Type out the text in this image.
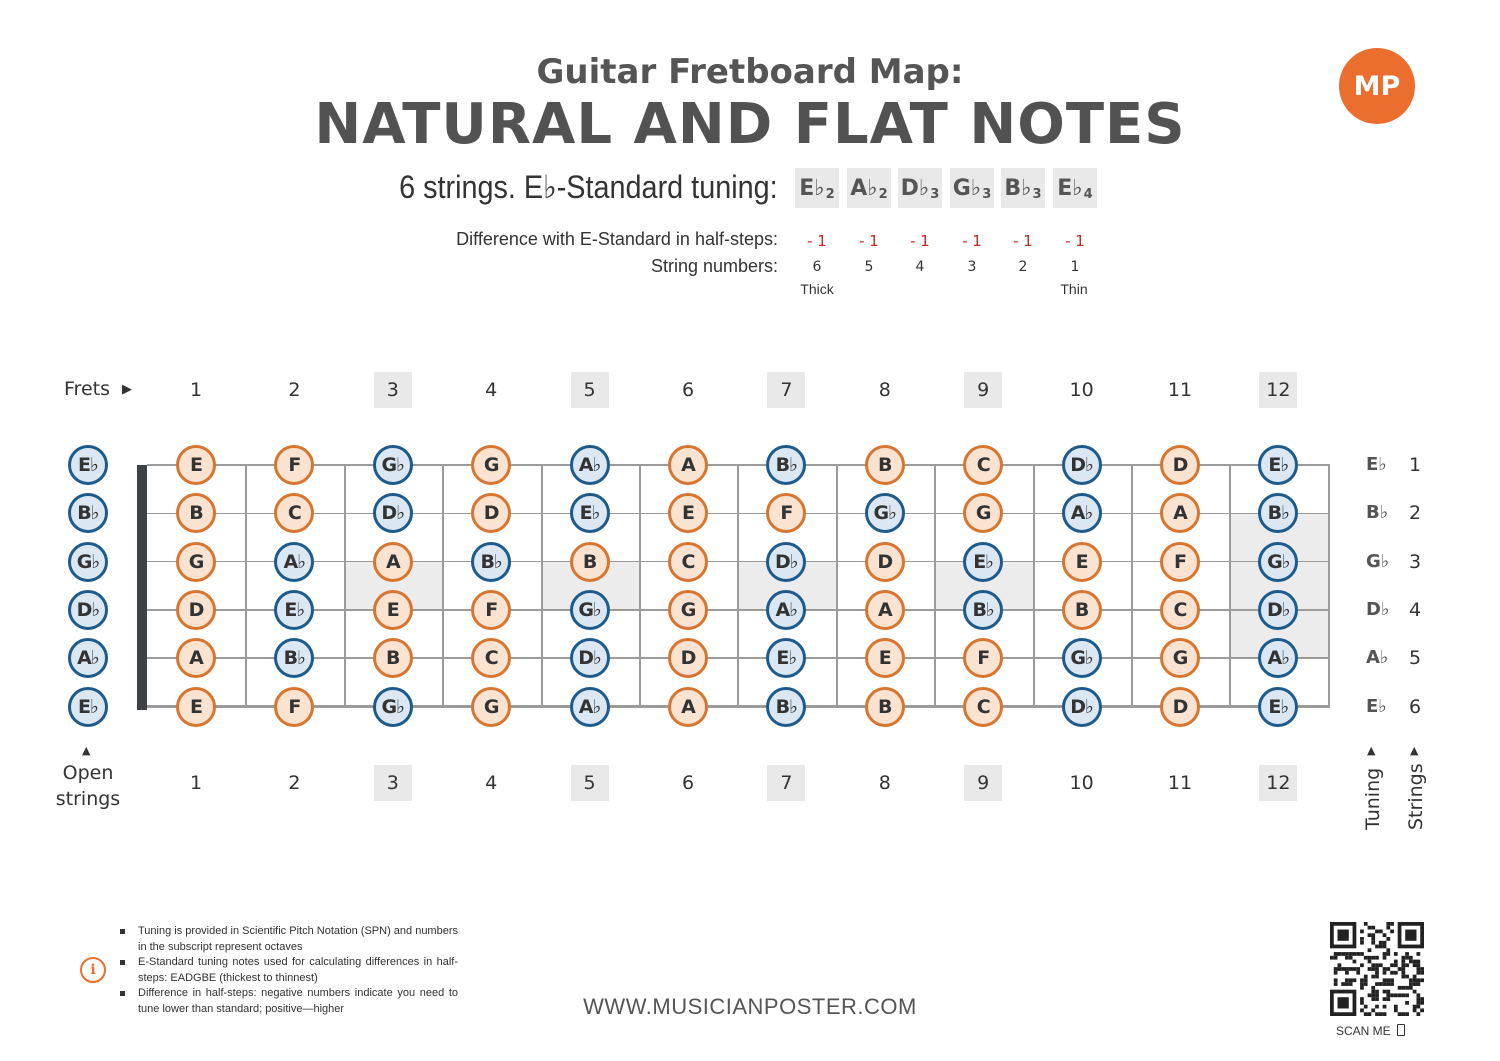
Guitar Fretboard Map:
NATURAL AND FLAT NOTES
MP
6 strings. E♭-Standard tuning: $E♭_2$ $A♭_2$ $D♭_3$ $G♭_3$ $B♭_3$ $E♭_4$
Difference with E-Standard in half-steps:
String numbers:
- 1	- 1	- 1	- 1	- 1	- 1
6	5	4	3	2	1
Thick	Thin
Frets ▶	1	2	3	4	5	6	7	8	9	10	11	12
1	2	3	4	5	6	7	8	9	10	11	12
E	F	G♭	G	A♭	A	B♭	B	C	D♭	D	E♭
B	C	D♭	D	E♭	E	F	G♭	G	A♭	A	B♭
G	A♭	A	B♭	B	C	D♭	D	E♭	E	F	G♭
D	E♭	E	F	G♭	G	A♭	A	B♭	B	C	D♭
A	B♭	B	C	D♭	D	E♭	E	F	G♭	G	A♭
E	F	G♭	G	A♭	A	B♭	B	C	D♭	D	E♭
E♭
B♭
G♭
D♭
A♭
E♭
E♭	1
B♭	2
G♭	3
D♭	4
A♭	5
E♭	6
▲
Open
strings
▲	▲
Tuning Strings
i
Tuning is provided in Scientific Pitch Notation (SPN) and numbers in the subscript represent octaves
E-Standard tuning notes used for calculating differences in half-steps: EADGBE (thickest to thinnest)
Difference in half-steps: negative numbers indicate you need to tune lower than standard; positive—higher	WWW.MUSICIANPOSTER.COM
SCAN ME
